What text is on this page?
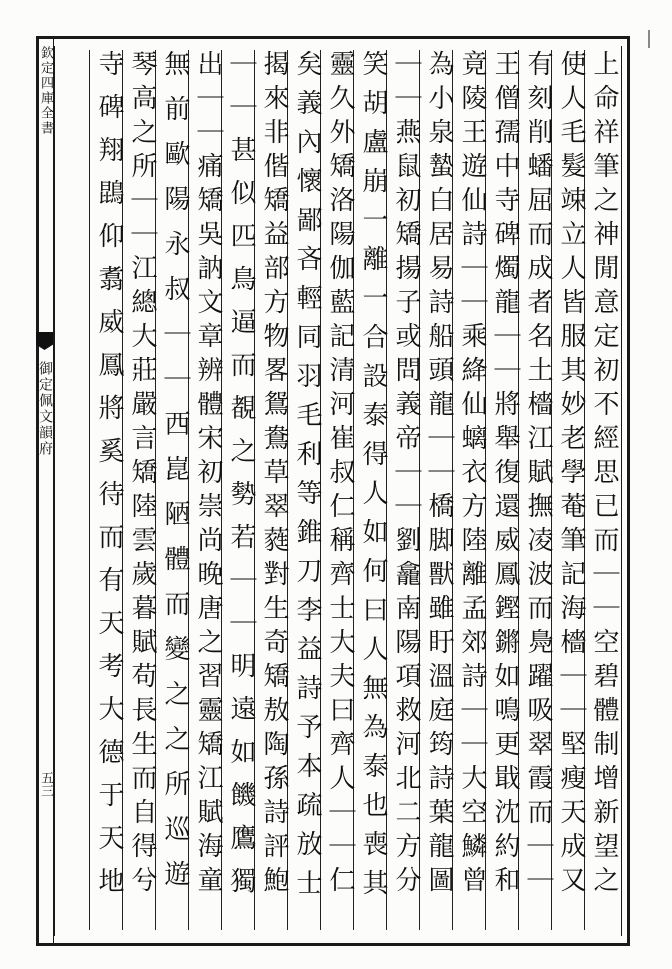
欽定四庫全書
御定佩文韻府
五三	上命祥筆之神閒意定初不經思已而｜｜空碧體制增新望之
使人毛髮竦立人皆服其妙老學菴筆記海檣｜｜堅瘦天成又
有刻削蟠屈而成者名土檣江賦撫凌波而鳧躍吸翠霞而｜｜
王僧孺中寺碑燭龍｜｜將舉復還威鳳鏗鏘如鳴更戢沈約和
竟陵王遊仙詩｜｜乘絳仙螭衣方陸離孟郊詩｜｜大空鱗曾
為小泉蟄白居易詩船頭龍｜｜橋脚獸雖盱溫庭筠詩葉龍圖
｜｜燕鼠初矯揚子或問義帝｜｜劉龕南陽項救河北二方分
笑胡盧崩一離一合設泰得人如何曰人無為泰也喪其
靈久外矯洛陽伽藍記清河崔叔仁稱齊士大夫曰齊人｜｜仁
矣義內懷鄙吝輕同羽毛利等錐刀李益詩予本疏放士
揭來非偕矯益部方物畧鴛鴦草翠蕤對生奇矯敖陶孫詩評鮑
｜｜甚似匹鳥逼而覩之勢若｜｜明遠如饑鷹獨
出｜｜痛矯吳訥文章辨體宋初崇尚晚唐之習靈矯江賦海童
無前歐陽永叔｜｜西崑陋體而變之之所巡遊
琴高之所｜｜江總大莊嚴言矯陸雲歲暮賦苟長生而自得兮
寺碑翔鵾仰翥威鳳將奚待而有天考大德于天地
